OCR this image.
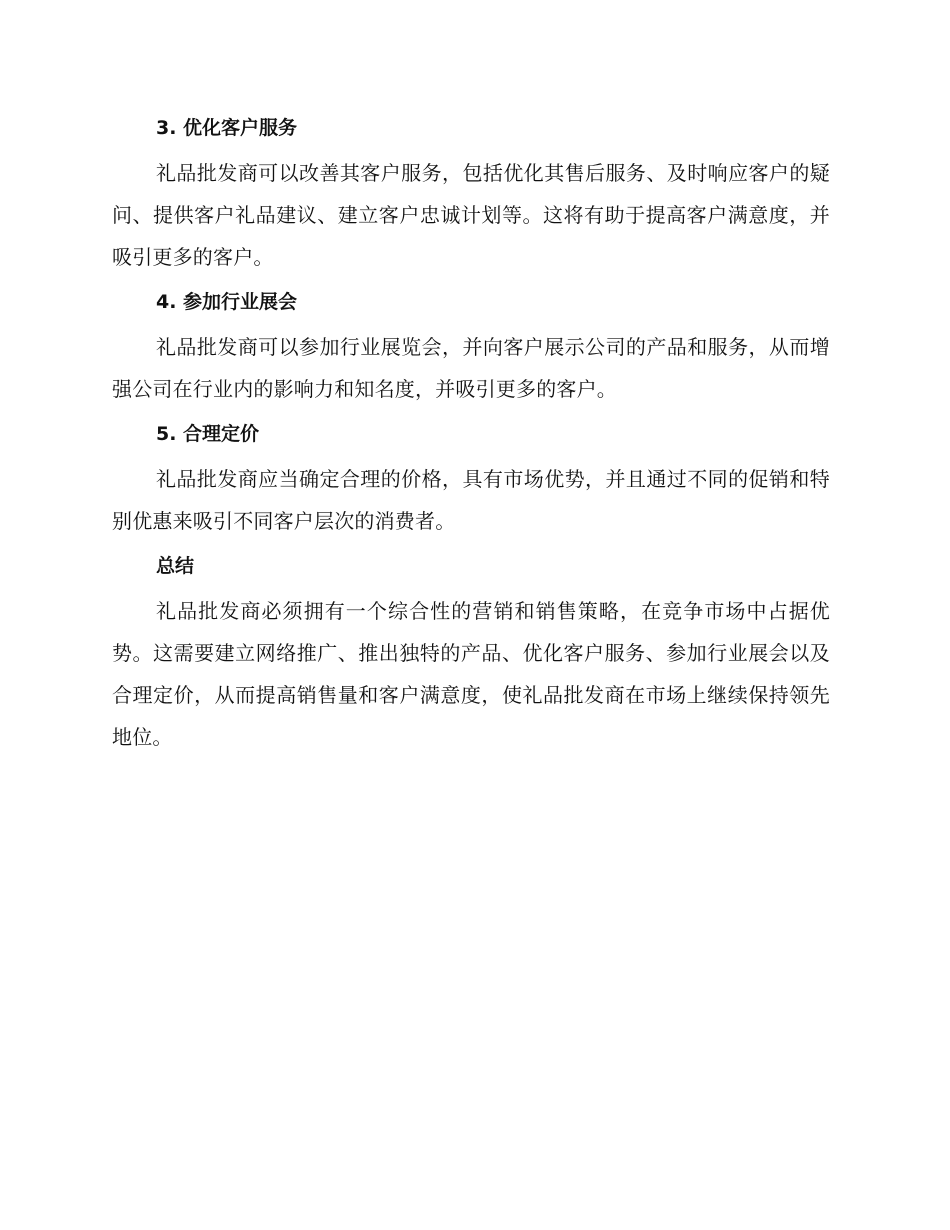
3. 优化客户服务

礼品批发商可以改善其客户服务，包括优化其售后服务、及时响应客户的疑问、提供客户礼品建议、建立客户忠诚计划等。这将有助于提高客户满意度，并吸引更多的客户。

4. 参加行业展会

礼品批发商可以参加行业展览会，并向客户展示公司的产品和服务，从而增强公司在行业内的影响力和知名度，并吸引更多的客户。

5. 合理定价

礼品批发商应当确定合理的价格，具有市场优势，并且通过不同的促销和特别优惠来吸引不同客户层次的消费者。

总结

礼品批发商必须拥有一个综合性的营销和销售策略，在竞争市场中占据优势。这需要建立网络推广、推出独特的产品、优化客户服务、参加行业展会以及合理定价，从而提高销售量和客户满意度，使礼品批发商在市场上继续保持领先地位。
